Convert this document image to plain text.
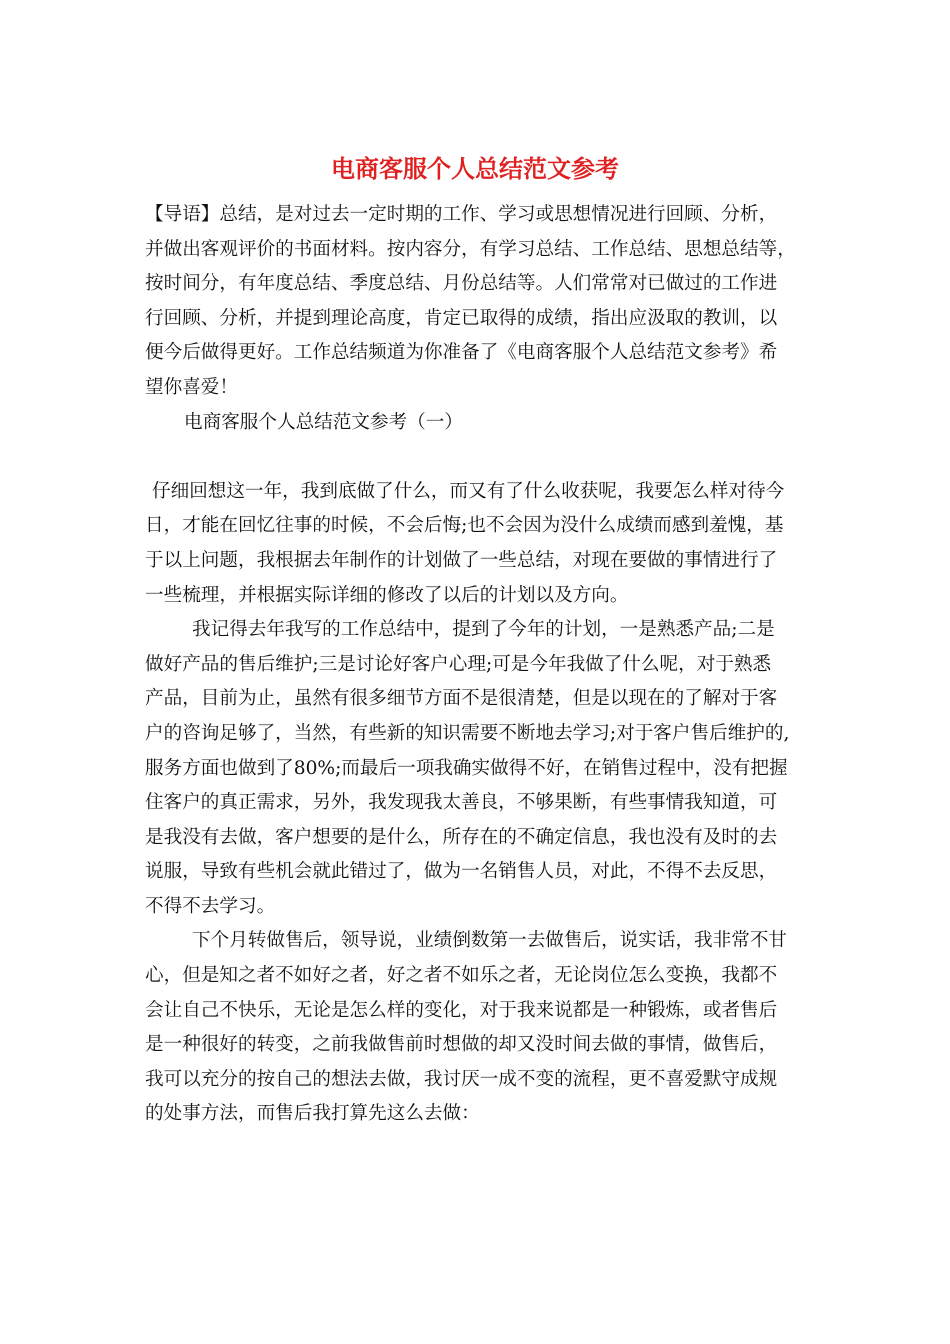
电商客服个人总结范文参考
【导语】总结，是对过去一定时期的工作、学习或思想情况进行回顾、分析，
并做出客观评价的书面材料。按内容分，有学习总结、工作总结、思想总结等，
按时间分，有年度总结、季度总结、月份总结等。人们常常对已做过的工作进
行回顾、分析，并提到理论高度，肯定已取得的成绩，指出应汲取的教训，以
便今后做得更好。工作总结频道为你准备了《电商客服个人总结范文参考》希
望你喜爱！
电商客服个人总结范文参考（一）
仔细回想这一年，我到底做了什么，而又有了什么收获呢，我要怎么样对待今
日，才能在回忆往事的时候，不会后悔;也不会因为没什么成绩而感到羞愧，基
于以上问题，我根据去年制作的计划做了一些总结，对现在要做的事情进行了
一些梳理，并根据实际详细的修改了以后的计划以及方向。
我记得去年我写的工作总结中，提到了今年的计划，一是熟悉产品;二是
做好产品的售后维护;三是讨论好客户心理;可是今年我做了什么呢，对于熟悉
产品，目前为止，虽然有很多细节方面不是很清楚，但是以现在的了解对于客
户的咨询足够了，当然，有些新的知识需要不断地去学习;对于客户售后维护的,
服务方面也做到了80%;而最后一项我确实做得不好，在销售过程中，没有把握
住客户的真正需求，另外，我发现我太善良，不够果断，有些事情我知道，可
是我没有去做，客户想要的是什么，所存在的不确定信息，我也没有及时的去
说服，导致有些机会就此错过了，做为一名销售人员，对此，不得不去反思，
不得不去学习。
下个月转做售后，领导说，业绩倒数第一去做售后，说实话，我非常不甘
心，但是知之者不如好之者，好之者不如乐之者，无论岗位怎么变换，我都不
会让自己不快乐，无论是怎么样的变化，对于我来说都是一种锻炼，或者售后
是一种很好的转变，之前我做售前时想做的却又没时间去做的事情，做售后，
我可以充分的按自己的想法去做，我讨厌一成不变的流程，更不喜爱默守成规
的处事方法，而售后我打算先这么去做：
